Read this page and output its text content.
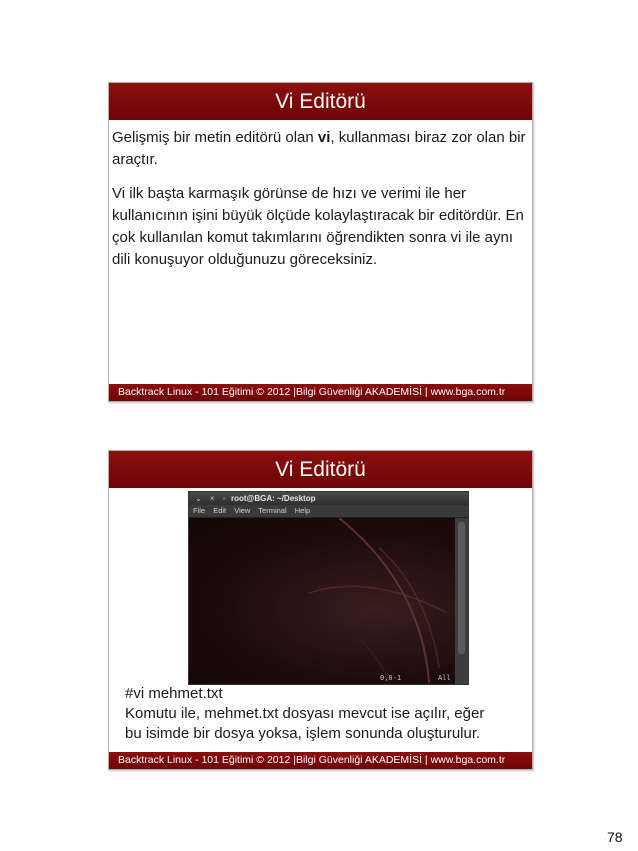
Vi Editörü

Gelişmiş bir metin editörü olan vi, kullanması biraz zor olan bir araçtır.

Vi ilk başta karmaşık görünse de hızı ve verimi ile her kullanıcının işini büyük ölçüde kolaylaştıracak bir editördür. En çok kullanılan komut takımlarını öğrendikten sonra vi ile aynı dili konuşuyor olduğunuzu göreceksiniz.

Backtrack Linux - 101 Eğitimi © 2012 |Bilgi Güvenliği AKADEMİSİ | www.bga.com.tr
Vi Editörü
⌄ × ◦ root@BGA: ~/Desktop
File Edit View Terminal Help
0,0-1	All
#vi mehmet.txt
Komutu ile, mehmet.txt dosyası mevcut ise açılır, eğer
bu isimde bir dosya yoksa, işlem sonunda oluşturulur.
Backtrack Linux - 101 Eğitimi © 2012 |Bilgi Güvenliği AKADEMİSİ | www.bga.com.tr
78
